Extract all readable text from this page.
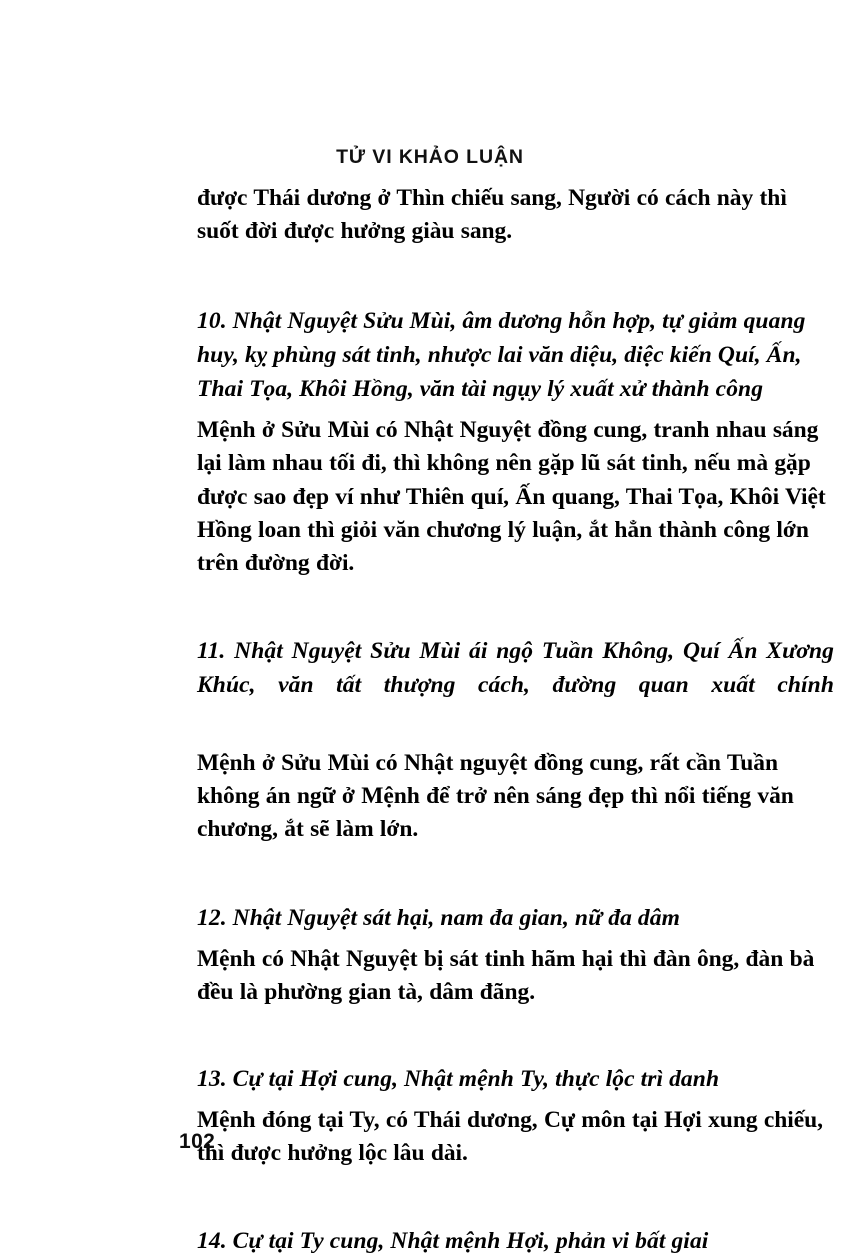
TỬ VI KHẢO LUẬN

được Thái dương ở Thìn chiếu sang, Người có cách này thì suốt đời được hưởng giàu sang.

10. Nhật Nguyệt Sửu Mùi, âm dương hỗn hợp, tự giảm quang huy, kỵ phùng sát tinh, nhược lai văn diệu, diệc kiến Quí, Ấn, Thai Tọa, Khôi Hồng, văn tài ngụy lý xuất xử thành công

Mệnh ở Sửu Mùi có Nhật Nguyệt đồng cung, tranh nhau sáng lại làm nhau tối đi, thì không nên gặp lũ sát tinh, nếu mà gặp được sao đẹp ví như Thiên quí, Ấn quang, Thai Tọa, Khôi Việt Hồng loan thì giỏi văn chương lý luận, ắt hẳn thành công lớn trên đường đời.

11. Nhật Nguyệt Sửu Mùi ái ngộ Tuần Không, Quí Ấn Xương Khúc, văn tất thượng cách, đường quan xuất chính

Mệnh ở Sửu Mùi có Nhật nguyệt đồng cung, rất cần Tuần không án ngữ ở Mệnh để trở nên sáng đẹp thì nổi tiếng văn chương, ắt sẽ làm lớn.

12. Nhật Nguyệt sát hại, nam đa gian, nữ đa dâm

Mệnh có Nhật Nguyệt bị sát tinh hãm hại thì đàn ông, đàn bà đều là phường gian tà, dâm đãng.

13. Cự tại Hợi cung, Nhật mệnh Ty, thực lộc trì danh

Mệnh đóng tại Ty, có Thái dương, Cự môn tại Hợi xung chiếu, thì được hưởng lộc lâu dài.

14. Cự tại Ty cung, Nhật mệnh Hợi, phản vi bất giai

102
